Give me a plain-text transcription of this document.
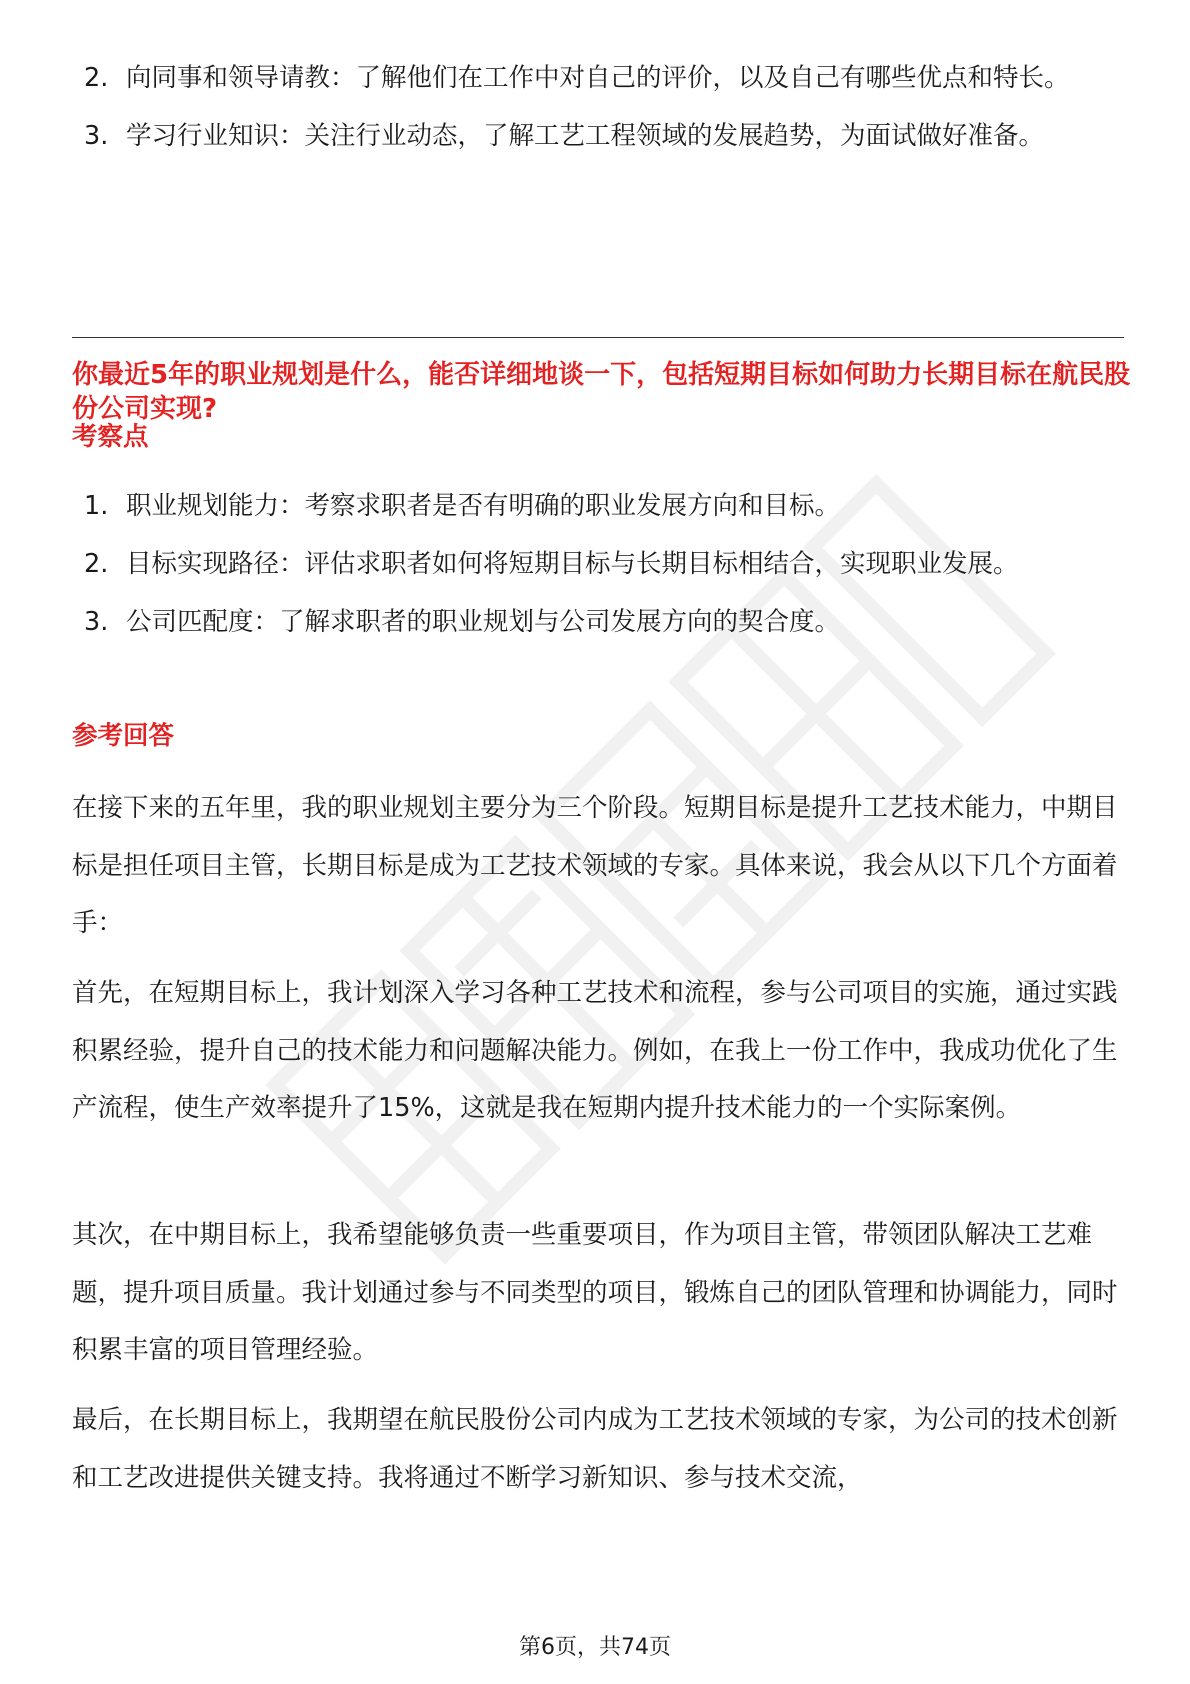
2. 向同事和领导请教：了解他们在工作中对自己的评价，以及自己有哪些优点和特长。
3. 学习行业知识：关注行业动态，了解工艺工程领域的发展趋势，为面试做好准备。
你最近5年的职业规划是什么，能否详细地谈一下，包括短期目标如何助力长期目标在航民股份公司实现?
考察点
1. 职业规划能力：考察求职者是否有明确的职业发展方向和目标。
2. 目标实现路径：评估求职者如何将短期目标与长期目标相结合，实现职业发展。
3. 公司匹配度：了解求职者的职业规划与公司发展方向的契合度。
参考回答

在接下来的五年里，我的职业规划主要分为三个阶段。短期目标是提升工艺技术能力，中期目标是担任项目主管，长期目标是成为工艺技术领域的专家。具体来说，我会从以下几个方面着手：

首先，在短期目标上，我计划深入学习各种工艺技术和流程，参与公司项目的实施，通过实践积累经验，提升自己的技术能力和问题解决能力。例如，在我上一份工作中，我成功优化了生产流程，使生产效率提升了15%，这就是我在短期内提升技术能力的一个实际案例。

其次，在中期目标上，我希望能够负责一些重要项目，作为项目主管，带领团队解决工艺难题，提升项目质量。我计划通过参与不同类型的项目，锻炼自己的团队管理和协调能力，同时积累丰富的项目管理经验。

最后，在长期目标上，我期望在航民股份公司内成为工艺技术领域的专家，为公司的技术创新和工艺改进提供关键支持。我将通过不断学习新知识、参与技术交流，

第6页，共74页
